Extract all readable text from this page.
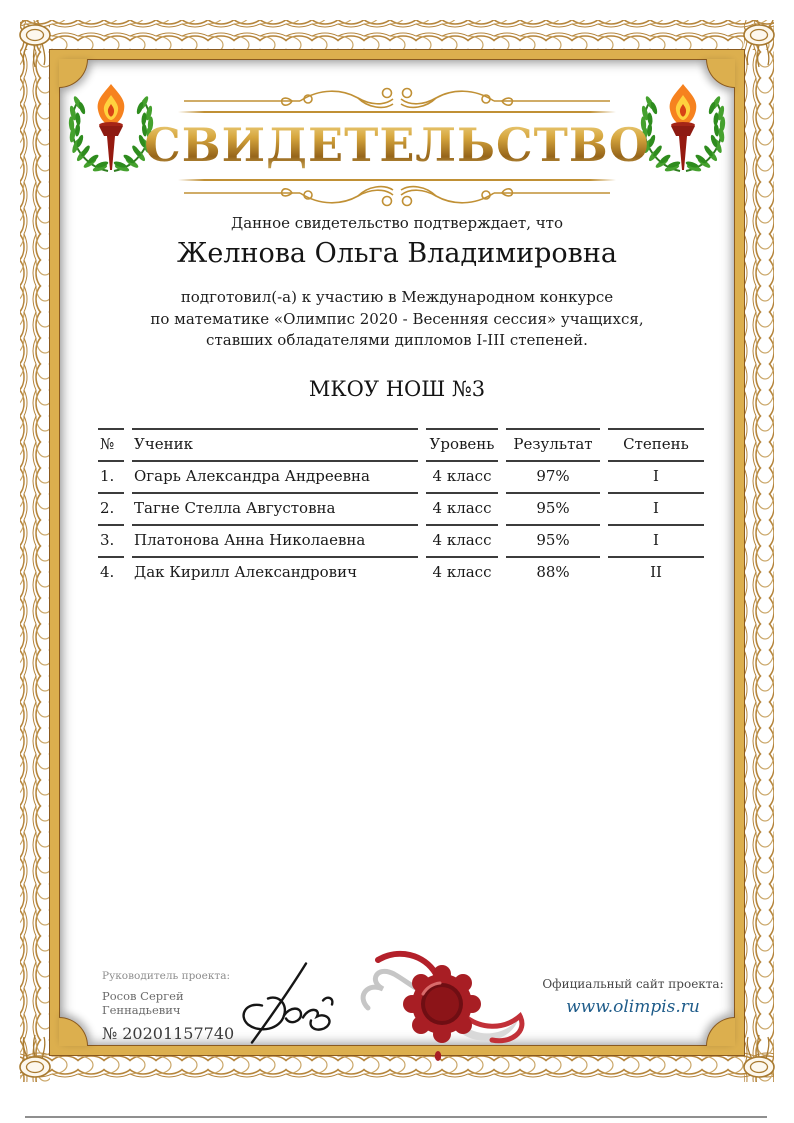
СВИДЕТЕЛЬСТВО
Данное свидетельство подтверждает, что
Желнова Ольга Владимировна
подготовил(-а) к участию в Международном конкурсе
по математике «Олимпис 2020 - Весенняя сессия» учащихся,
ставших обладателями дипломов I-III степеней.
МКОУ НОШ №3
№	Ученик	Уровень	Результат	Степень
1.	Огарь Александра Андреевна	4 класс	97%	I
2.	Тагне Стелла Августовна	4 класс	95%	I
3.	Платонова Анна Николаевна	4 класс	95%	I
4.	Дак Кирилл Александрович	4 класс	88%	II
Руководитель проекта:
Росов Сергей Геннадьевич
№ 20201157740
Официальный сайт проекта:
www.olimpis.ru
